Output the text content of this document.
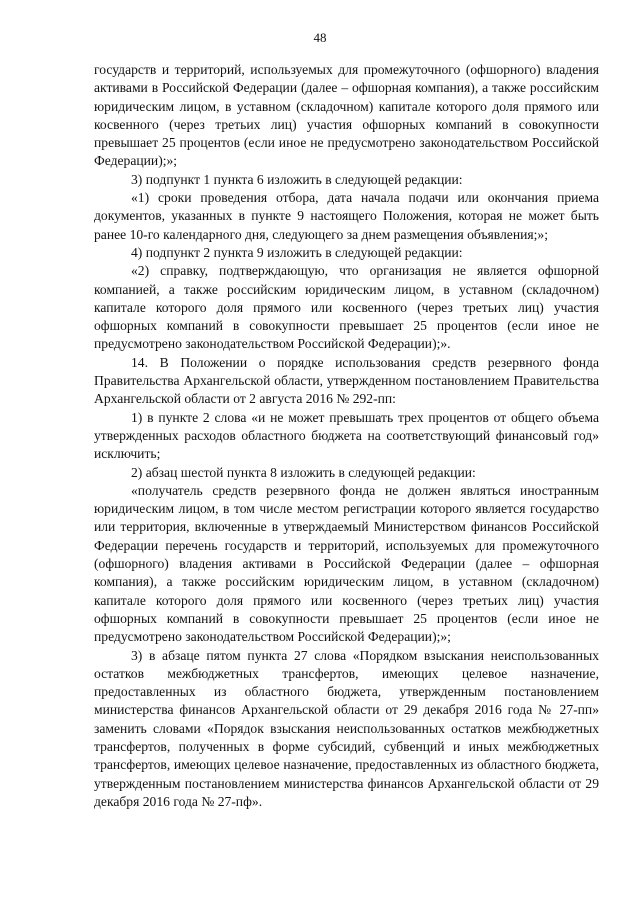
48

государств и территорий, используемых для промежуточного (офшорного) владения активами в Российской Федерации (далее – офшорная компания), а также российским юридическим лицом, в уставном (складочном) капитале которого доля прямого или косвенного (через третьих лиц) участия офшорных компаний в совокупности превышает 25 процентов (если иное не предусмотрено законодательством Российской Федерации);»;

3) подпункт 1 пункта 6 изложить в следующей редакции:

«1) сроки проведения отбора, дата начала подачи или окончания приема документов, указанных в пункте 9 настоящего Положения, которая не может быть ранее 10-го календарного дня, следующего за днем размещения объявления;»;

4) подпункт 2 пункта 9 изложить в следующей редакции:

«2) справку, подтверждающую, что организация не является офшорной компанией, а также российским юридическим лицом, в уставном (складочном) капитале которого доля прямого или косвенного (через третьих лиц) участия офшорных компаний в совокупности превышает 25 процентов (если иное не предусмотрено законодательством Российской Федерации);».

14. В Положении о порядке использования средств резервного фонда Правительства Архангельской области, утвержденном постановлением Правительства Архангельской области от 2 августа 2016 № 292-пп:

1) в пункте 2 слова «и не может превышать трех процентов от общего объема утвержденных расходов областного бюджета на соответствующий финансовый год» исключить;

2) абзац шестой пункта 8 изложить в следующей редакции:

«получатель средств резервного фонда не должен являться иностранным юридическим лицом, в том числе местом регистрации которого является государство или территория, включенные в утверждаемый Министерством финансов Российской Федерации перечень государств и территорий, используемых для промежуточного (офшорного) владения активами в Российской Федерации (далее – офшорная компания), а также российским юридическим лицом, в уставном (складочном) капитале которого доля прямого или косвенного (через третьих лиц) участия офшорных компаний в совокупности превышает 25 процентов (если иное не предусмотрено законодательством Российской Федерации);»;

3) в абзаце пятом пункта 27 слова «Порядком взыскания неиспользованных остатков межбюджетных трансфертов, имеющих целевое назначение, предоставленных из областного бюджета, утвержденным постановлением министерства финансов Архангельской области от 29 декабря 2016 года № 27-пп» заменить словами «Порядок взыскания неиспользованных остатков межбюджетных трансфертов, полученных в форме субсидий, субвенций и иных межбюджетных трансфертов, имеющих целевое назначение, предоставленных из областного бюджета, утвержденным постановлением министерства финансов Архангельской области от 29 декабря 2016 года № 27-пф».
